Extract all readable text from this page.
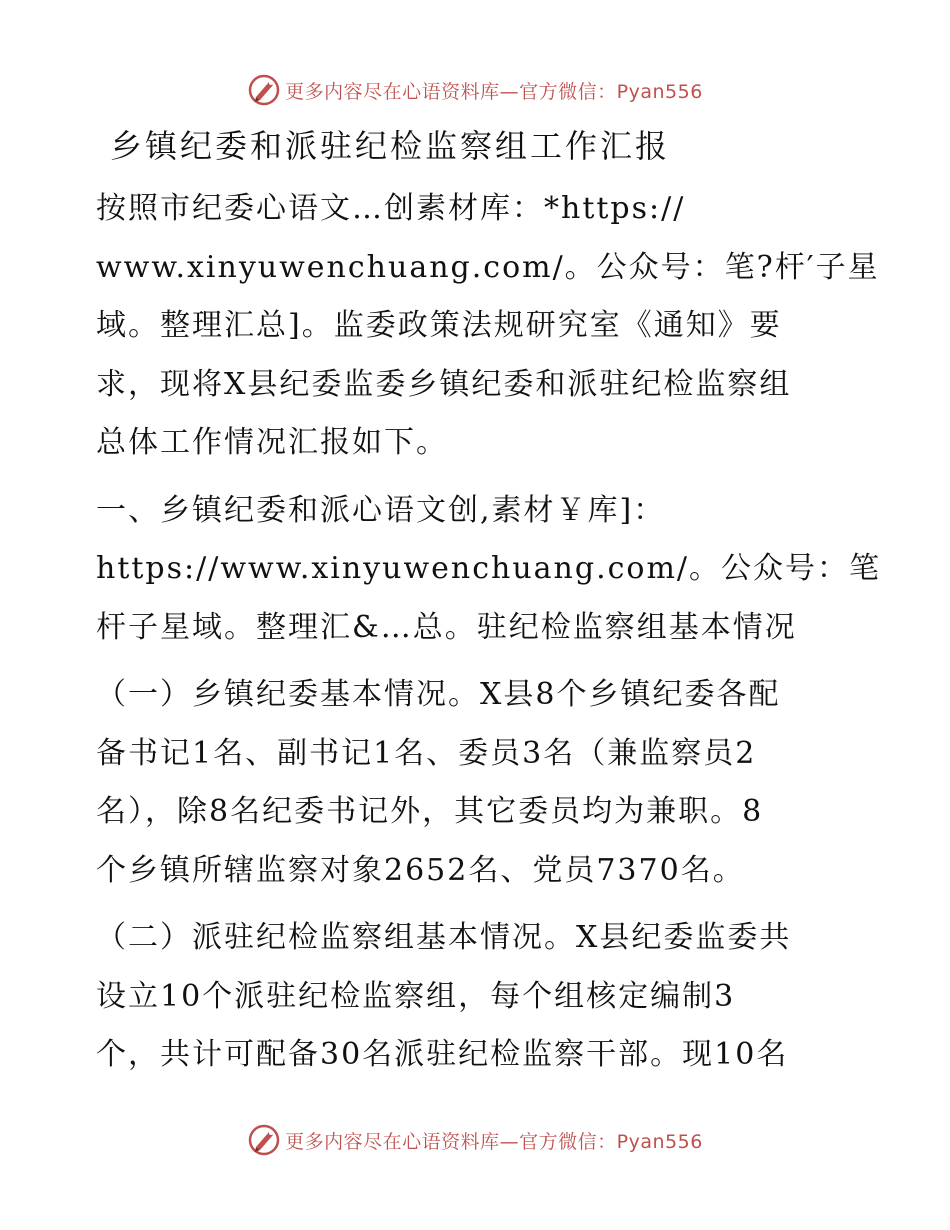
更多内容尽在心语资料库—官方微信：Pyan556
乡镇纪委和派驻纪检监察组工作汇报
按照市纪委心语文…创素材库：*https://
www.xinyuwenchuang.com/。公众号：笔?杆′子星
域。整理汇总]。监委政策法规研究室《通知》要
求，现将X县纪委监委乡镇纪委和派驻纪检监察组
总体工作情况汇报如下。
一、乡镇纪委和派心语文创,素材￥库]：
https://www.xinyuwenchuang.com/。公众号：笔
杆子星域。整理汇&…总。驻纪检监察组基本情况
（一）乡镇纪委基本情况。X县8个乡镇纪委各配
备书记1名、副书记1名、委员3名（兼监察员2
名），除8名纪委书记外，其它委员均为兼职。8
个乡镇所辖监察对象2652名、党员7370名。
（二）派驻纪检监察组基本情况。X县纪委监委共
设立10个派驻纪检监察组，每个组核定编制3
个，共计可配备30名派驻纪检监察干部。现10名
更多内容尽在心语资料库—官方微信：Pyan556
